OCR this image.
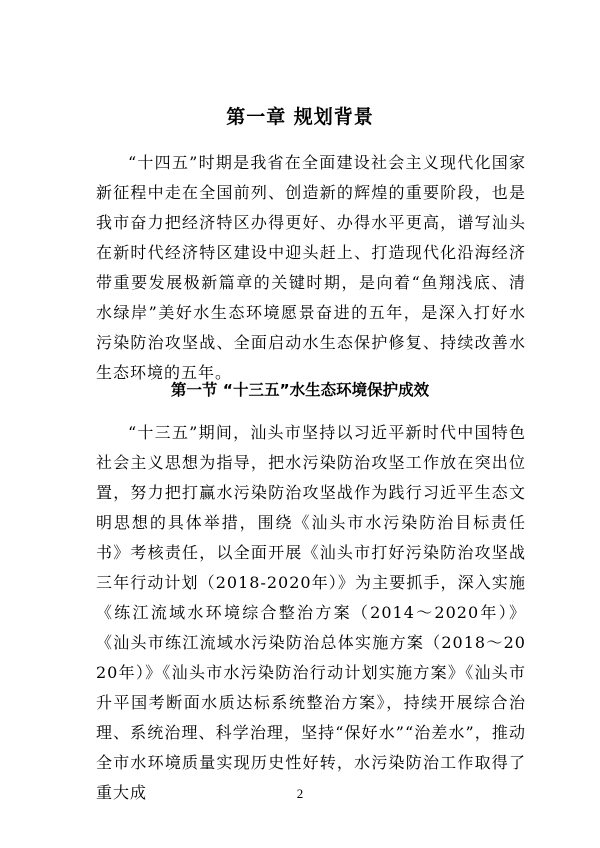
第一章 规划背景

“十四五”时期是我省在全面建设社会主义现代化国家新征程中走在全国前列、创造新的辉煌的重要阶段，也是我市奋力把经济特区办得更好、办得水平更高，谱写汕头在新时代经济特区建设中迎头赶上、打造现代化沿海经济带重要发展极新篇章的关键时期，是向着“鱼翔浅底、清水绿岸”美好水生态环境愿景奋进的五年，是深入打好水污染防治攻坚战、全面启动水生态保护修复、持续改善水生态环境的五年。

第一节 “十三五”水生态环境保护成效

“十三五”期间，汕头市坚持以习近平新时代中国特色社会主义思想为指导，把水污染防治攻坚工作放在突出位置，努力把打赢水污染防治攻坚战作为践行习近平生态文明思想的具体举措，围绕《汕头市水污染防治目标责任书》考核责任，以全面开展《汕头市打好污染防治攻坚战三年行动计划（2018-2020年）》为主要抓手，深入实施《练江流域水环境综合整治方案（2014～2020年）》《汕头市练江流域水污染防治总体实施方案（2018～2020年）》《汕头市水污染防治行动计划实施方案》《汕头市升平国考断面水质达标系统整治方案》，持续开展综合治理、系统治理、科学治理，坚持“保好水”“治差水”，推动全市水环境质量实现历史性好转，水污染防治工作取得了重大成	2
